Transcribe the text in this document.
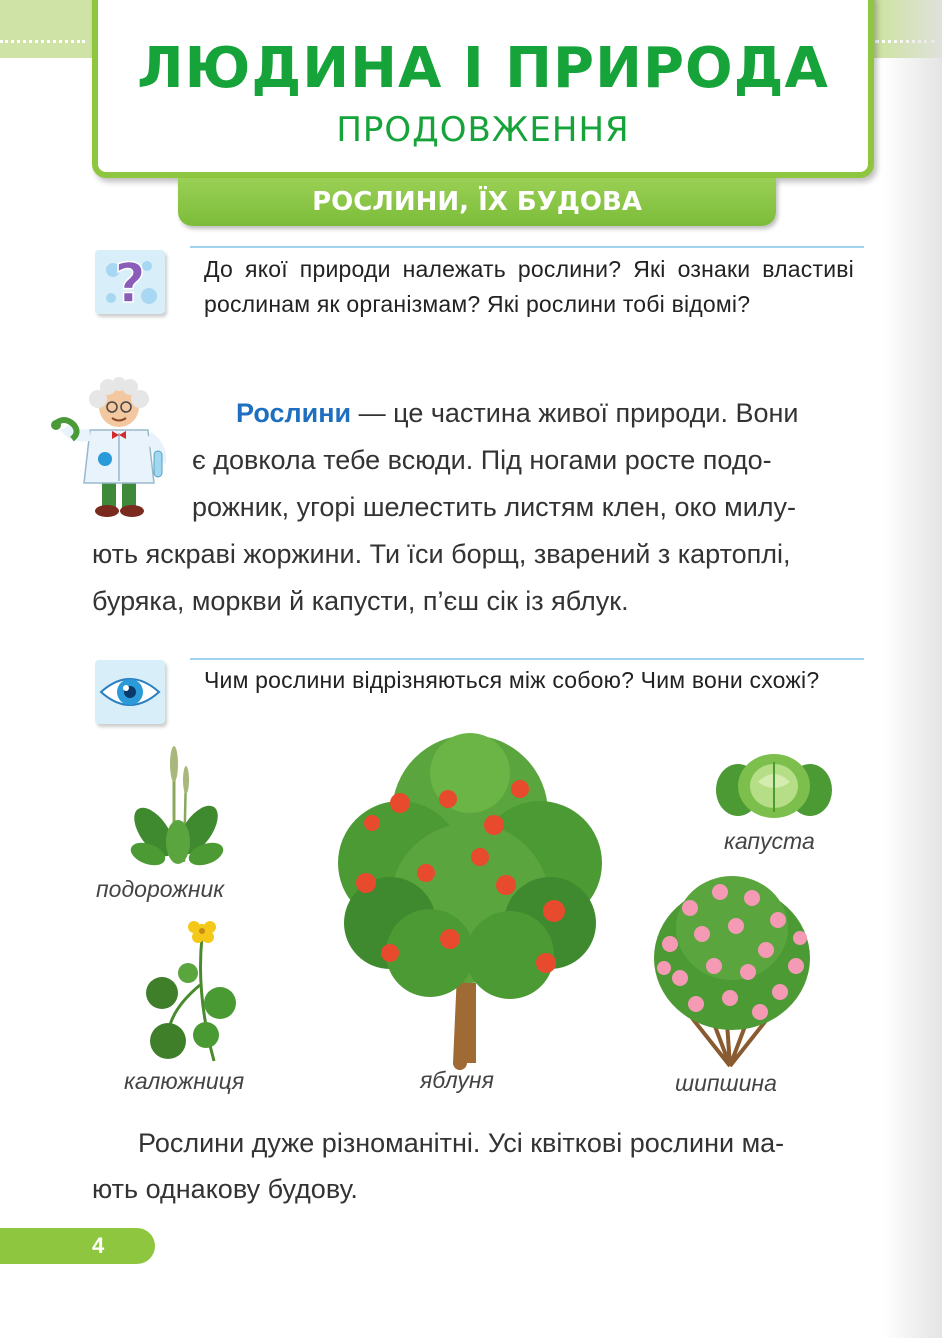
ЛЮДИНА І ПРИРОДА
ПРОДОВЖЕННЯ
РОСЛИНИ, ЇХ БУДОВА
?	До якої природи належать рослини? Які ознаки властиві рослинам як організмам? Які рослини тобі відомі?
Рослини — це частина живої природи. Вони
є довкола тебе всюди. Під ногами росте подо-
рожник, угорі шелестить листям клен, око милу-
ють яскраві жоржини. Ти їси борщ, зварений з картоплі,
буряка, моркви й капусти, п’єш сік із яблук.
Чим рослини відрізняються між собою? Чим вони схожі?
подорожник
калюжниця	яблуня
капуста
шипшина
Рослини дуже різноманітні. Усі квіткові рослини ма-
ють однакову будову.
4
